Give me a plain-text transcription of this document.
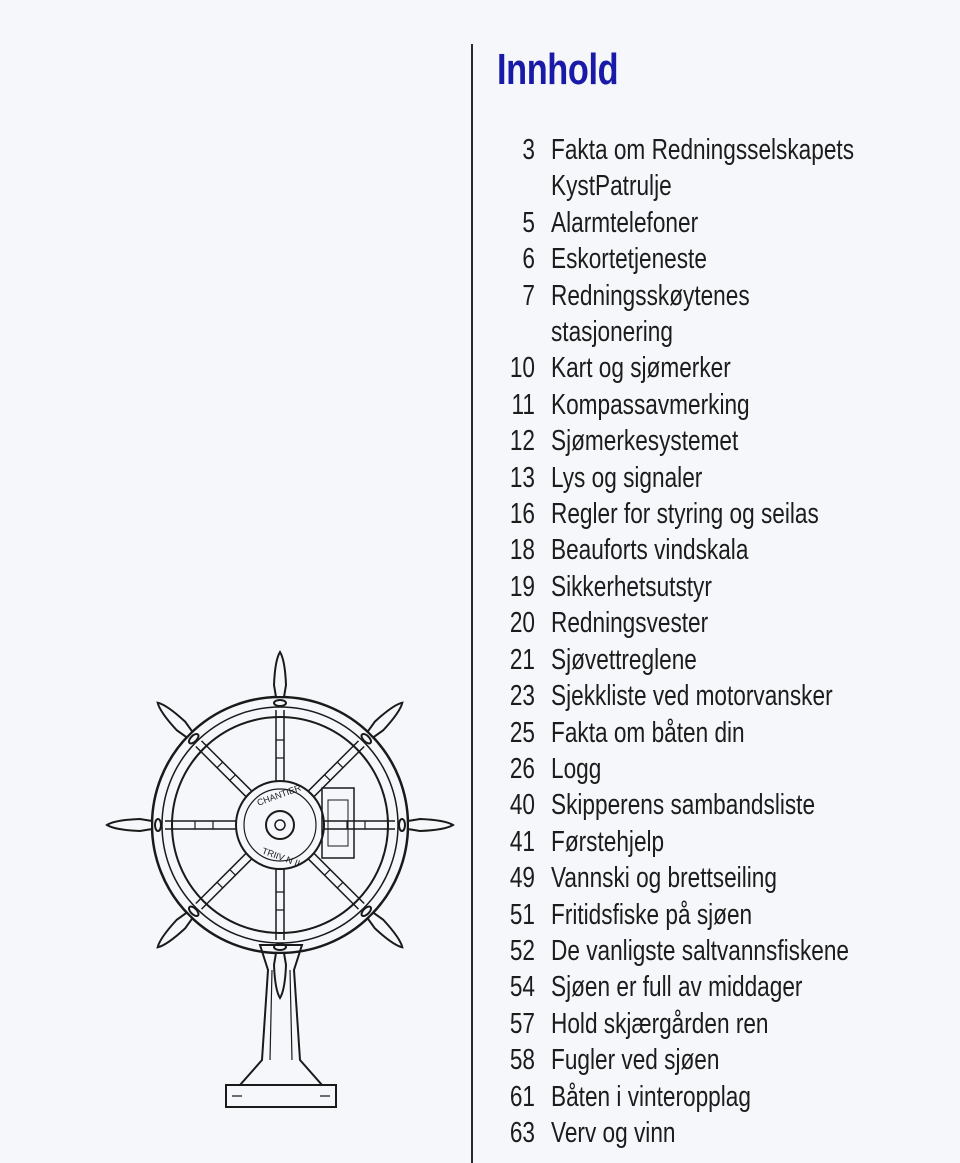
Innhold
3 Fakta om Redningsselskapets KystPatrulje
5 Alarmtelefoner
6 Eskortetjeneste
7 Redningsskøytenes stasjonering
10 Kart og sjømerker
11 Kompassavmerking
12 Sjømerkesystemet
13 Lys og signaler
16 Regler for styring og seilas
18 Beauforts vindskala
19 Sikkerhetsutstyr
20 Redningsvester
21 Sjøvettreglene
23 Sjekkliste ved motorvansker
25 Fakta om båten din
26 Logg
40 Skipperens sambandsliste
41 Førstehjelp
49 Vannski og brettseiling
51 Fritidsfiske på sjøen
52 De vanligste saltvannsfiskene
54 Sjøen er full av middager
57 Hold skjærgården ren
58 Fugler ved sjøen
61 Båten i vinteropplag
63 Verv og vinn
CHANTIER
TRIIV N II
